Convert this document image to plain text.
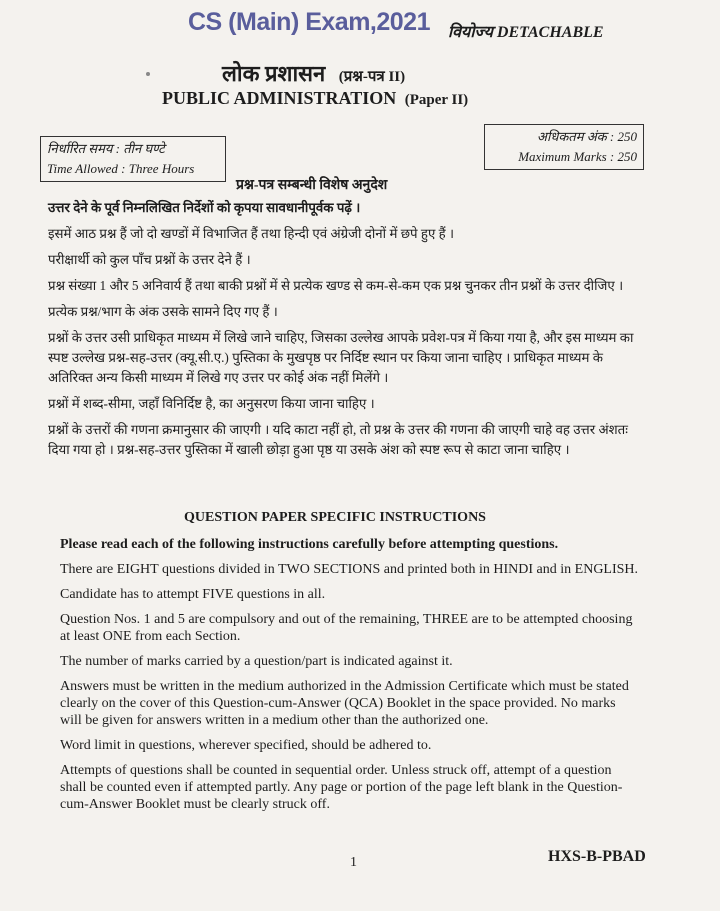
CS (Main) Exam,2021 वियोज्य DETACHABLE
लोक प्रशासन (प्रश्न-पत्र II)
PUBLIC ADMINISTRATION (Paper II)
निर्धारित समय : तीन घण्टे
Time Allowed : Three Hours
अधिकतम अंक : 250
Maximum Marks : 250
प्रश्न-पत्र सम्बन्धी विशेष अनुदेश

उत्तर देने के पूर्व निम्नलिखित निर्देशों को कृपया सावधानीपूर्वक पढ़ें ।

इसमें आठ प्रश्न हैं जो दो खण्डों में विभाजित हैं तथा हिन्दी एवं अंग्रेजी दोनों में छपे हुए हैं ।

परीक्षार्थी को कुल पाँच प्रश्नों के उत्तर देने हैं ।

प्रश्न संख्या 1 और 5 अनिवार्य हैं तथा बाकी प्रश्नों में से प्रत्येक खण्ड से कम-से-कम एक प्रश्न चुनकर तीन प्रश्नों के उत्तर दीजिए ।

प्रत्येक प्रश्न/भाग के अंक उसके सामने दिए गए हैं ।

प्रश्नों के उत्तर उसी प्राधिकृत माध्यम में लिखे जाने चाहिए, जिसका उल्लेख आपके प्रवेश-पत्र में किया गया है, और इस माध्यम का स्पष्ट उल्लेख प्रश्न-सह-उत्तर (क्यू.सी.ए.) पुस्तिका के मुखपृष्ठ पर निर्दिष्ट स्थान पर किया जाना चाहिए । प्राधिकृत माध्यम के अतिरिक्त अन्य किसी माध्यम में लिखे गए उत्तर पर कोई अंक नहीं मिलेंगे ।

प्रश्नों में शब्द-सीमा, जहाँ विनिर्दिष्ट है, का अनुसरण किया जाना चाहिए ।

प्रश्नों के उत्तरों की गणना क्रमानुसार की जाएगी । यदि काटा नहीं हो, तो प्रश्न के उत्तर की गणना की जाएगी चाहे वह उत्तर अंशतः दिया गया हो । प्रश्न-सह-उत्तर पुस्तिका में खाली छोड़ा हुआ पृष्ठ या उसके अंश को स्पष्ट रूप से काटा जाना चाहिए ।

QUESTION PAPER SPECIFIC INSTRUCTIONS

Please read each of the following instructions carefully before attempting questions.

There are EIGHT questions divided in TWO SECTIONS and printed both in HINDI and in ENGLISH.

Candidate has to attempt FIVE questions in all.

Question Nos. 1 and 5 are compulsory and out of the remaining, THREE are to be attempted choosing at least ONE from each Section.

The number of marks carried by a question/part is indicated against it.

Answers must be written in the medium authorized in the Admission Certificate which must be stated clearly on the cover of this Question-cum-Answer (QCA) Booklet in the space provided. No marks will be given for answers written in a medium other than the authorized one.

Word limit in questions, wherever specified, should be adhered to.

Attempts of questions shall be counted in sequential order. Unless struck off, attempt of a question shall be counted even if attempted partly. Any page or portion of the page left blank in the Question-cum-Answer Booklet must be clearly struck off.

1	HXS-B-PBAD
